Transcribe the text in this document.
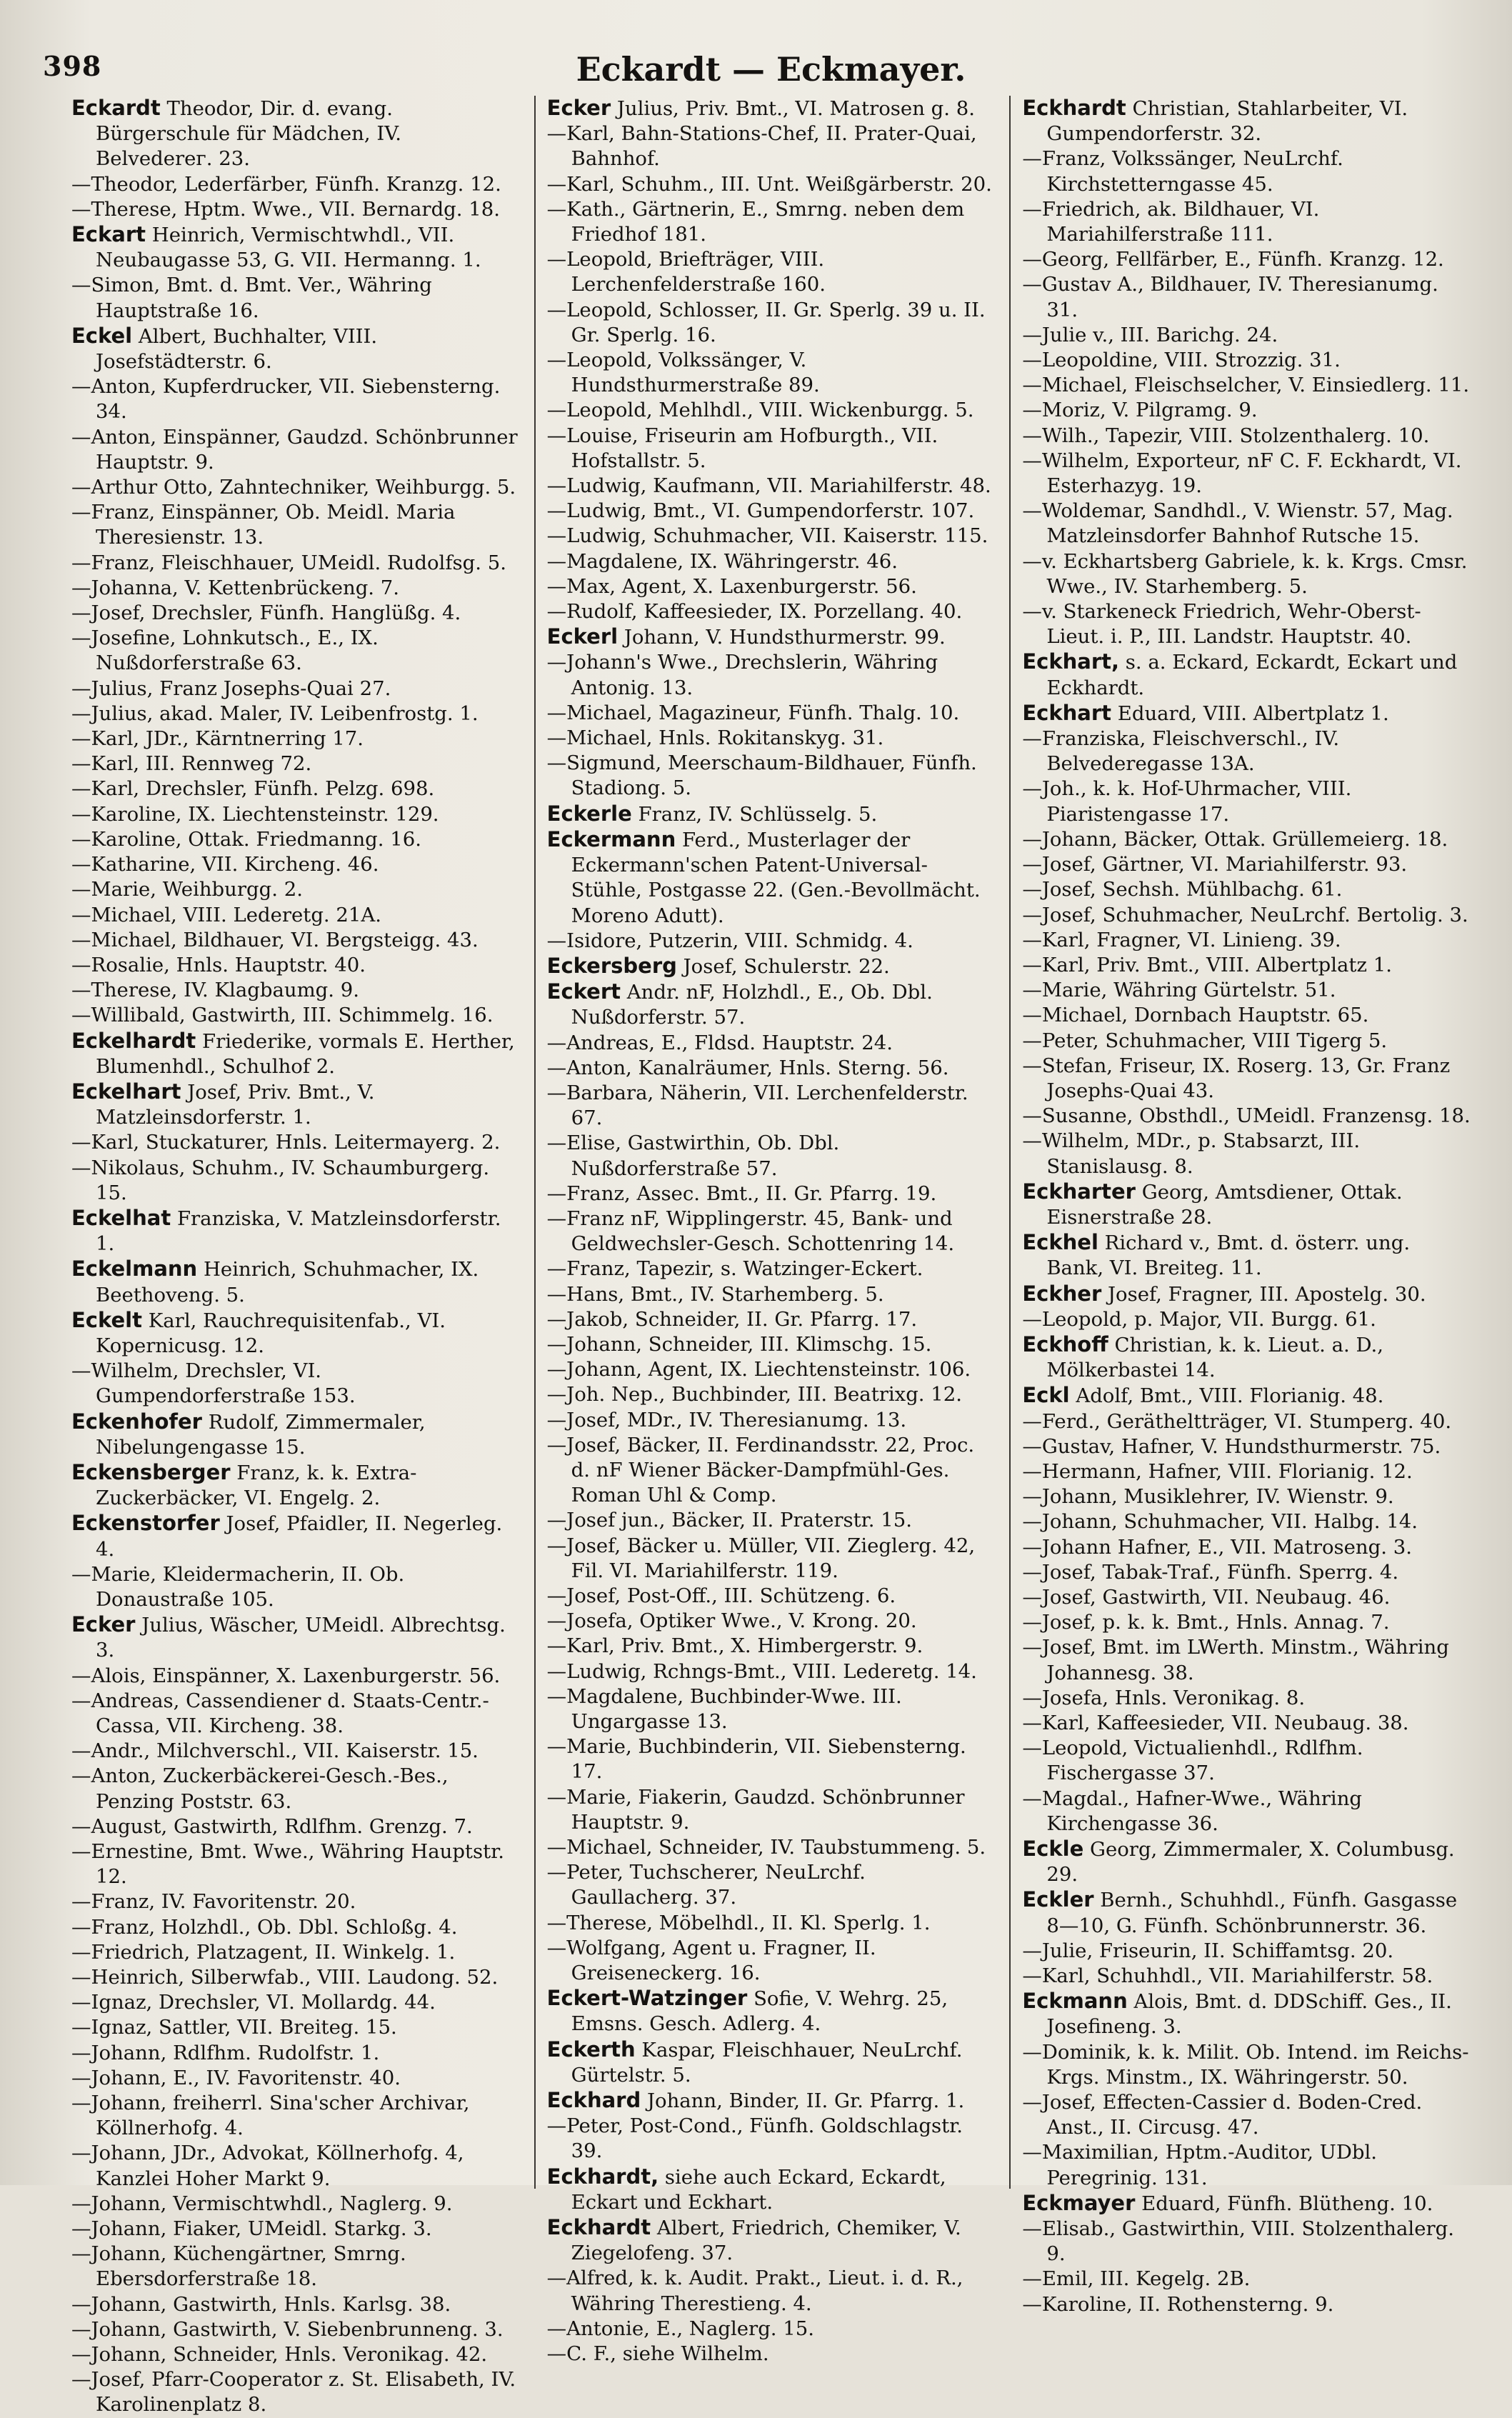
398	Eckardt — Eckmayer.
Eckardt Theodor, Dir. d. evang. Bürgerschule für Mädchen, IV. Belvederег. 23.
— Theodor, Lederfärber, Fünfh. Kranzg. 12.
— Therese, Hptm. Wwe., VII. Bernardg. 18.
Eckart Heinrich, Vermischtwhdl., VII. Neubaugasse 53, G. VII. Hermanng. 1.
— Simon, Bmt. d. Bmt. Ver., Währing Hauptstraße 16.
Eckel Albert, Buchhalter, VIII. Josefstädterstr. 6.
— Anton, Kupferdrucker, VII. Siebensterng. 34.
— Anton, Einspänner, Gaudzd. Schönbrunner Hauptstr. 9.
— Arthur Otto, Zahntechniker, Weihburgg. 5.
— Franz, Einspänner, Ob. Meidl. Maria Theresienstr. 13.
— Franz, Fleischhauer, UMeidl. Rudolfsg. 5.
— Johanna, V. Kettenbrückeng. 7.
— Josef, Drechsler, Fünfh. Hanglüßg. 4.
— Josefine, Lohnkutsch., E., IX. Nußdorferstraße 63.
— Julius, Franz Josephs-Quai 27.
— Julius, akad. Maler, IV. Leibenfrostg. 1.
— Karl, JDr., Kärntnerring 17.
— Karl, III. Rennweg 72.
— Karl, Drechsler, Fünfh. Pelzg. 698.
— Karoline, IX. Liechtensteinstr. 129.
— Karoline, Ottak. Friedmanng. 16.
— Katharine, VII. Kircheng. 46.
— Marie, Weihburgg. 2.
— Michael, VIII. Lederetg. 21A.
— Michael, Bildhauer, VI. Bergsteigg. 43.
— Rosalie, Hnls. Hauptstr. 40.
— Therese, IV. Klagbaumg. 9.
— Willibald, Gastwirth, III. Schimmelg. 16.
Eckelhardt Friederike, vormals E. Herther, Blumenhdl., Schulhof 2.
Eckelhart Josef, Priv. Bmt., V. Matzleinsdorferstr. 1.
— Karl, Stuckaturer, Hnls. Leitermayerg. 2.
— Nikolaus, Schuhm., IV. Schaumburgerg. 15.
Eckelhat Franziska, V. Matzleinsdorferstr. 1.
Eckelmann Heinrich, Schuhmacher, IX. Beethoveng. 5.
Eckelt Karl, Rauchrequisitenfab., VI. Kopernicusg. 12.
— Wilhelm, Drechsler, VI. Gumpendorferstraße 153.
Eckenhofer Rudolf, Zimmermaler, Nibelungengasse 15.
Eckensberger Franz, k. k. Extra-Zuckerbäcker, VI. Engelg. 2.
Eckenstorfer Josef, Pfaidler, II. Negerleg. 4.
— Marie, Kleidermacherin, II. Ob. Donaustraße 105.
Ecker Julius, Wäscher, UMeidl. Albrechtsg. 3.
— Alois, Einspänner, X. Laxenburgerstr. 56.
— Andreas, Cassendiener d. Staats-Centr.-Cassa, VII. Kircheng. 38.
— Andr., Milchverschl., VII. Kaiserstr. 15.
— Anton, Zuckerbäckerei-Gesch.-Bes., Penzing Poststr. 63.
— August, Gastwirth, Rdlfhm. Grenzg. 7.
— Ernestine, Bmt. Wwe., Währing Hauptstr. 12.
— Franz, IV. Favoritenstr. 20.
— Franz, Holzhdl., Ob. Dbl. Schloßg. 4.
— Friedrich, Platzagent, II. Winkelg. 1.
— Heinrich, Silberwfab., VIII. Laudong. 52.
— Ignaz, Drechsler, VI. Mollardg. 44.
— Ignaz, Sattler, VII. Breiteg. 15.
— Johann, Rdlfhm. Rudolfstr. 1.
— Johann, E., IV. Favoritenstr. 40.
— Johann, freiherrl. Sina'scher Archivar, Köllnerhofg. 4.
— Johann, JDr., Advokat, Köllnerhofg. 4, Kanzlei Hoher Markt 9.
— Johann, Vermischtwhdl., Naglerg. 9.
— Johann, Fiaker, UMeidl. Starkg. 3.
— Johann, Küchengärtner, Smrng. Ebersdorferstraße 18.
— Johann, Gastwirth, Hnls. Karlsg. 38.
— Johann, Gastwirth, V. Siebenbrunneng. 3.
— Johann, Schneider, Hnls. Veronikag. 42.
— Josef, Pfarr-Cooperator z. St. Elisabeth, IV. Karolinenplatz 8.
Ecker Julius, Priv. Bmt., VI. Matrosen g. 8.
— Karl, Bahn-Stations-Chef, II. Prater-Quai, Bahnhof.
— Karl, Schuhm., III. Unt. Weißgärberstr. 20.
— Kath., Gärtnerin, E., Smrng. neben dem Friedhof 181.
— Leopold, Briefträger, VIII. Lerchenfelderstraße 160.
— Leopold, Schlosser, II. Gr. Sperlg. 39 u. II. Gr. Sperlg. 16.
— Leopold, Volkssänger, V. Hundsthurmerstraße 89.
— Leopold, Mehlhdl., VIII. Wickenburgg. 5.
— Louise, Friseurin am Hofburgth., VII. Hofstallstr. 5.
— Ludwig, Kaufmann, VII. Mariahilferstr. 48.
— Ludwig, Bmt., VI. Gumpendorferstr. 107.
— Ludwig, Schuhmacher, VII. Kaiserstr. 115.
— Magdalene, IX. Währingerstr. 46.
— Max, Agent, X. Laxenburgerstr. 56.
— Rudolf, Kaffeesieder, IX. Porzellang. 40.
Eckerl Johann, V. Hundsthurmerstr. 99.
— Johann's Wwe., Drechslerin, Währing Antonig. 13.
— Michael, Magazineur, Fünfh. Thalg. 10.
— Michael, Hnls. Rokitanskyg. 31.
— Sigmund, Meerschaum-Bildhauer, Fünfh. Stadiong. 5.
Eckerle Franz, IV. Schlüsselg. 5.
Eckermann Ferd., Musterlager der Eckermann'schen Patent-Universal-Stühle, Postgasse 22. (Gen.-Bevollmächt. Moreno Adutt).
— Isidore, Putzerin, VIII. Schmidg. 4.
Eckersberg Josef, Schulerstr. 22.
Eckert Andr. nF, Holzhdl., E., Ob. Dbl. Nußdorferstr. 57.
— Andreas, E., Fldsd. Hauptstr. 24.
— Anton, Kanalräumer, Hnls. Sterng. 56.
— Barbara, Näherin, VII. Lerchenfelderstr. 67.
— Elise, Gastwirthin, Ob. Dbl. Nußdorferstraße 57.
— Franz, Assec. Bmt., II. Gr. Pfarrg. 19.
— Franz nF, Wipplingerstr. 45, Bank- und Geldwechsler-Gesch. Schottenring 14.
— Franz, Tapezir, s. Watzinger-Eckert.
— Hans, Bmt., IV. Starhemberg. 5.
— Jakob, Schneider, II. Gr. Pfarrg. 17.
— Johann, Schneider, III. Klimschg. 15.
— Johann, Agent, IX. Liechtensteinstr. 106.
— Joh. Nep., Buchbinder, III. Beatrixg. 12.
— Josef, MDr., IV. Theresianumg. 13.
— Josef, Bäcker, II. Ferdinandsstr. 22, Proc. d. nF Wiener Bäcker-Dampfmühl-Ges. Roman Uhl & Comp.
— Josef jun., Bäcker, II. Praterstr. 15.
— Josef, Bäcker u. Müller, VII. Zieglerg. 42, Fil. VI. Mariahilferstr. 119.
— Josef, Post-Off., III. Schützeng. 6.
— Josefa, Optiker Wwe., V. Krong. 20.
— Karl, Priv. Bmt., X. Himbergerstr. 9.
— Ludwig, Rchngs-Bmt., VIII. Lederetg. 14.
— Magdalene, Buchbinder-Wwe. III. Ungargasse 13.
— Marie, Buchbinderin, VII. Siebensterng. 17.
— Marie, Fiakerin, Gaudzd. Schönbrunner Hauptstr. 9.
— Michael, Schneider, IV. Taubstummeng. 5.
— Peter, Tuchscherer, NeuLrchf. Gaullacherg. 37.
— Therese, Möbelhdl., II. Kl. Sperlg. 1.
— Wolfgang, Agent u. Fragner, II. Greiseneckerg. 16.
Eckert-Watzinger Sofie, V. Wehrg. 25, Emsns. Gesch. Adlerg. 4.
Eckerth Kaspar, Fleischhauer, NeuLrchf. Gürtelstr. 5.
Eckhard Johann, Binder, II. Gr. Pfarrg. 1.
— Peter, Post-Cond., Fünfh. Goldschlagstr. 39.
Eckhardt, siehe auch Eckard, Eckardt, Eckart und Eckhart.
Eckhardt Albert, Friedrich, Chemiker, V. Ziegelofeng. 37.
— Alfred, k. k. Audit. Prakt., Lieut. i. d. R., Währing Therestieng. 4.
— Antonie, E., Naglerg. 15.
— C. F., siehe Wilhelm.
Eckhardt Christian, Stahlarbeiter, VI. Gumpendorferstr. 32.
— Franz, Volkssänger, NeuLrchf. Kirchstetterngasse 45.
— Friedrich, ak. Bildhauer, VI. Mariahilferstraße 111.
— Georg, Fellfärber, E., Fünfh. Kranzg. 12.
— Gustav A., Bildhauer, IV. Theresianumg. 31.
— Julie v., III. Barichg. 24.
— Leopoldine, VIII. Strozzig. 31.
— Michael, Fleischselcher, V. Einsiedlerg. 11.
— Moriz, V. Pilgramg. 9.
— Wilh., Tapezir, VIII. Stolzenthalerg. 10.
— Wilhelm, Exporteur, nF C. F. Eckhardt, VI. Esterhazyg. 19.
— Woldemar, Sandhdl., V. Wienstr. 57, Mag. Matzleinsdorfer Bahnhof Rutsche 15.
— v. Eckhartsberg Gabriele, k. k. Krgs. Cmsr. Wwe., IV. Starhemberg. 5.
— v. Starkeneck Friedrich, Wehr-Oberst-Lieut. i. P., III. Landstr. Hauptstr. 40.
Eckhart, s. a. Eckard, Eckardt, Eckart und Eckhardt.
Eckhart Eduard, VIII. Albertplatz 1.
— Franziska, Fleischverschl., IV. Belvederegasse 13A.
— Joh., k. k. Hof-Uhrmacher, VIII. Piaristengasse 17.
— Johann, Bäcker, Ottak. Grüllemeierg. 18.
— Josef, Gärtner, VI. Mariahilferstr. 93.
— Josef, Sechsh. Mühlbachg. 61.
— Josef, Schuhmacher, NeuLrchf. Bertolig. 3.
— Karl, Fragner, VI. Linieng. 39.
— Karl, Priv. Bmt., VIII. Albertplatz 1.
— Marie, Währing Gürtelstr. 51.
— Michael, Dornbach Hauptstr. 65.
— Peter, Schuhmacher, VIII Tigerg 5.
— Stefan, Friseur, IX. Roserg. 13, Gr. Franz Josephs-Quai 43.
— Susanne, Obsthdl., UMeidl. Franzensg. 18.
— Wilhelm, MDr., p. Stabsarzt, III. Stanislausg. 8.
Eckharter Georg, Amtsdiener, Ottak. Eisnerstraße 28.
Eckhel Richard v., Bmt. d. österr. ung. Bank, VI. Breiteg. 11.
Eckher Josef, Fragner, III. Apostelg. 30.
— Leopold, p. Major, VII. Burgg. 61.
Eckhoff Christian, k. k. Lieut. a. D., Mölkerbastei 14.
Eckl Adolf, Bmt., VIII. Florianig. 48.
— Ferd., Gerätheltträger, VI. Stumperg. 40.
— Gustav, Hafner, V. Hundsthurmerstr. 75.
— Hermann, Hafner, VIII. Florianig. 12.
— Johann, Musiklehrer, IV. Wienstr. 9.
— Johann, Schuhmacher, VII. Halbg. 14.
— Johann Hafner, E., VII. Matroseng. 3.
— Josef, Tabak-Traf., Fünfh. Sperrg. 4.
— Josef, Gastwirth, VII. Neubaug. 46.
— Josef, p. k. k. Bmt., Hnls. Annag. 7.
— Josef, Bmt. im LWerth. Minstm., Währing Johannesg. 38.
— Josefa, Hnls. Veronikag. 8.
— Karl, Kaffeesieder, VII. Neubaug. 38.
— Leopold, Victualienhdl., Rdlfhm. Fischergasse 37.
— Magdal., Hafner-Wwe., Währing Kirchengasse 36.
Eckle Georg, Zimmermaler, X. Columbusg. 29.
Eckler Bernh., Schuhhdl., Fünfh. Gasgasse 8—10, G. Fünfh. Schönbrunnerstr. 36.
— Julie, Friseurin, II. Schiffamtsg. 20.
— Karl, Schuhhdl., VII. Mariahilferstr. 58.
Eckmann Alois, Bmt. d. DDSchiff. Ges., II. Josefineng. 3.
— Dominik, k. k. Milit. Ob. Intend. im Reichs-Krgs. Minstm., IX. Währingerstr. 50.
— Josef, Effecten-Cassier d. Boden-Cred. Anst., II. Circusg. 47.
— Maximilian, Hptm.-Auditor, UDbl. Peregrinig. 131.
Eckmayer Eduard, Fünfh. Blütheng. 10.
— Elisab., Gastwirthin, VIII. Stolzenthalerg. 9.
— Emil, III. Kegelg. 2B.
— Karoline, II. Rothensterng. 9.
